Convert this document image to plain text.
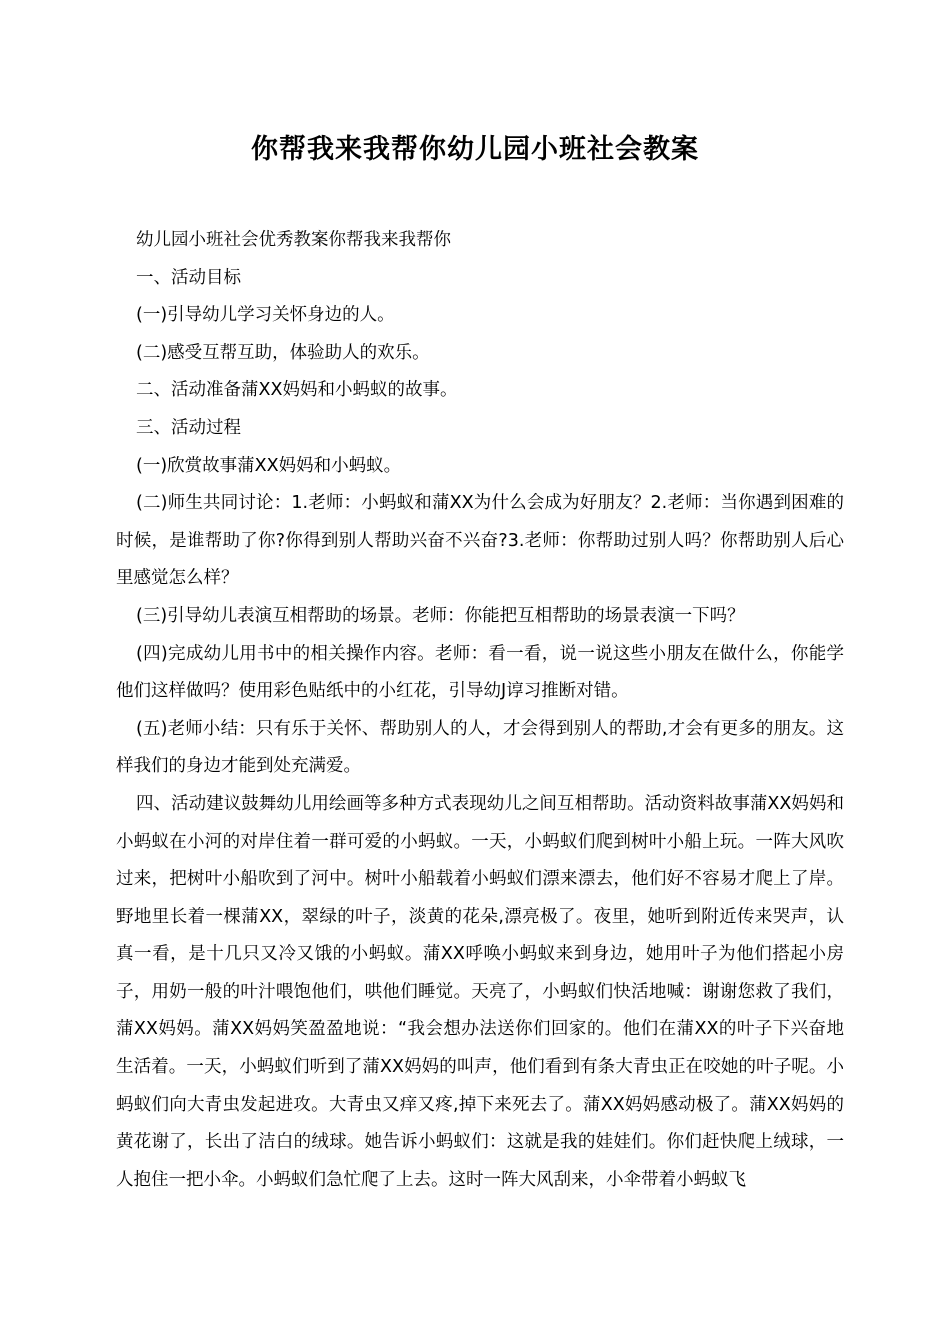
你帮我来我帮你幼儿园小班社会教案

幼儿园小班社会优秀教案你帮我来我帮你

一、活动目标

(一)引导幼儿学习关怀身边的人。

(二)感受互帮互助，体验助人的欢乐。

二、活动准备蒲XX妈妈和小蚂蚁的故事。

三、活动过程

(一)欣赏故事蒲XX妈妈和小蚂蚁。

(二)师生共同讨论：1.老师：小蚂蚁和蒲XX为什么会成为好朋友？2.老师：当你遇到困难的时候，是谁帮助了你?你得到别人帮助兴奋不兴奋?3.老师：你帮助过别人吗？你帮助别人后心里感觉怎么样？

(三)引导幼儿表演互相帮助的场景。老师：你能把互相帮助的场景表演一下吗？

(四)完成幼儿用书中的相关操作内容。老师：看一看，说一说这些小朋友在做什么，你能学他们这样做吗？使用彩色贴纸中的小红花，引导幼J谆习推断对错。

(五)老师小结：只有乐于关怀、帮助别人的人，才会得到别人的帮助,才会有更多的朋友。这样我们的身边才能到处充满爱。

四、活动建议鼓舞幼儿用绘画等多种方式表现幼儿之间互相帮助。活动资料故事蒲XX妈妈和小蚂蚁在小河的对岸住着一群可爱的小蚂蚁。一天，小蚂蚁们爬到树叶小船上玩。一阵大风吹过来，把树叶小船吹到了河中。树叶小船载着小蚂蚁们漂来漂去，他们好不容易才爬上了岸。野地里长着一棵蒲XX，翠绿的叶子，淡黄的花朵,漂亮极了。夜里，她听到附近传来哭声，认真一看，是十几只又冷又饿的小蚂蚁。蒲XX呼唤小蚂蚁来到身边，她用叶子为他们搭起小房子，用奶一般的叶汁喂饱他们，哄他们睡觉。天亮了，小蚂蚁们快活地喊：谢谢您救了我们，蒲XX妈妈。蒲XX妈妈笑盈盈地说：“我会想办法送你们回家的。他们在蒲XX的叶子下兴奋地生活着。一天，小蚂蚁们听到了蒲XX妈妈的叫声，他们看到有条大青虫正在咬她的叶子呢。小蚂蚁们向大青虫发起进攻。大青虫又痒又疼,掉下来死去了。蒲XX妈妈感动极了。蒲XX妈妈的黄花谢了，长出了洁白的绒球。她告诉小蚂蚁们：这就是我的娃娃们。你们赶快爬上绒球，一人抱住一把小伞。小蚂蚁们急忙爬了上去。这时一阵大风刮来，小伞带着小蚂蚁飞
